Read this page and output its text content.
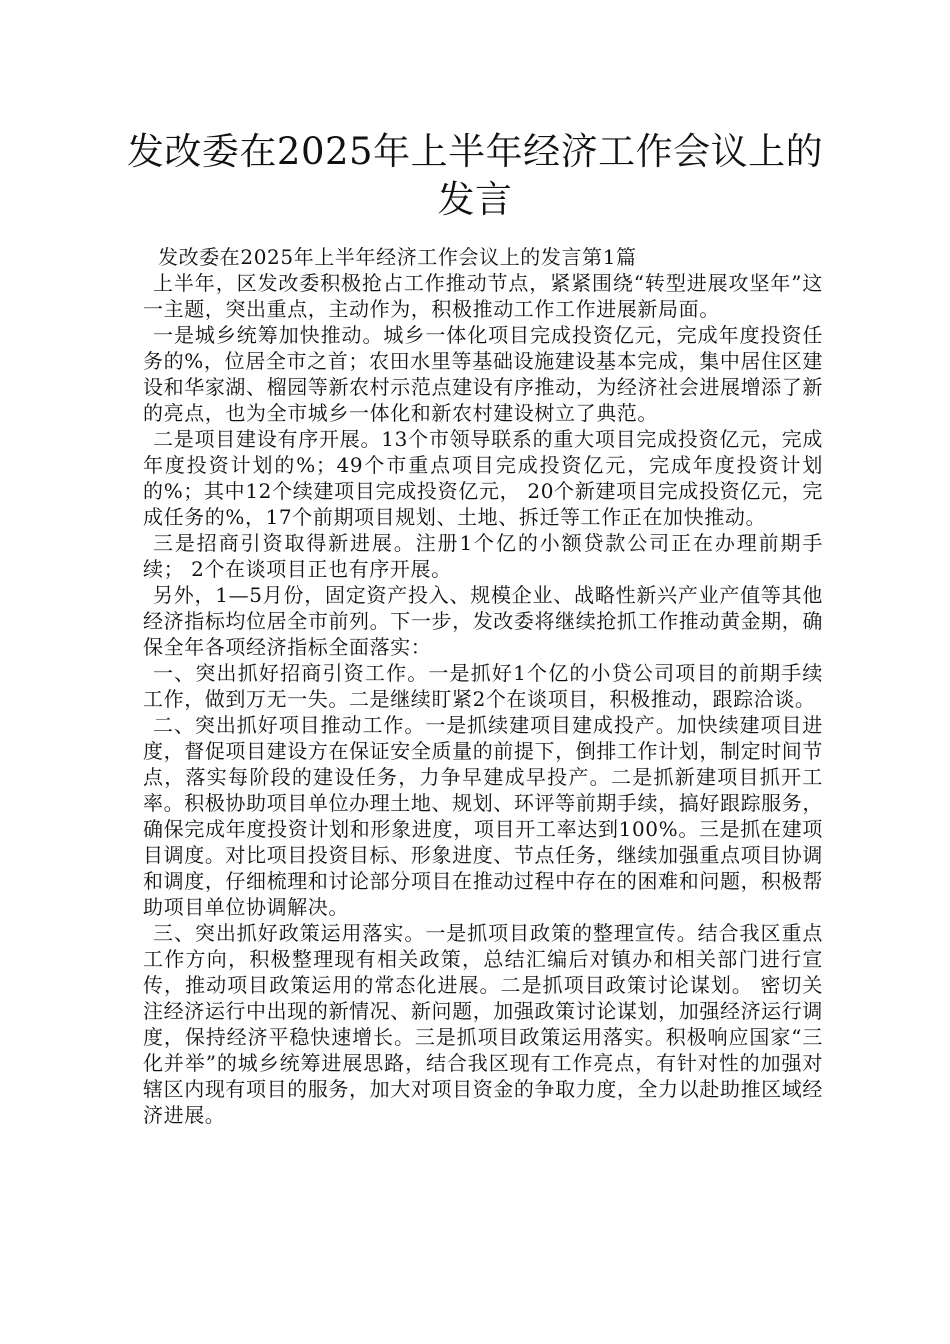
发改委在2025年上半年经济工作会议上的发言

发改委在2025年上半年经济工作会议上的发言第1篇

上半年，区发改委积极抢占工作推动节点，紧紧围绕“转型进展攻坚年”这一主题，突出重点，主动作为，积极推动工作工作进展新局面。

一是城乡统筹加快推动。城乡一体化项目完成投资亿元，完成年度投资任务的%，位居全市之首；农田水里等基础设施建设基本完成，集中居住区建设和华家湖、榴园等新农村示范点建设有序推动，为经济社会进展增添了新的亮点，也为全市城乡一体化和新农村建设树立了典范。

二是项目建设有序开展。13个市领导联系的重大项目完成投资亿元，完成年度投资计划的%；49个市重点项目完成投资亿元，完成年度投资计划的%；其中12个续建项目完成投资亿元， 20个新建项目完成投资亿元，完成任务的%，17个前期项目规划、土地、拆迁等工作正在加快推动。

三是招商引资取得新进展。注册1个亿的小额贷款公司正在办理前期手续； 2个在谈项目正也有序开展。

另外，1—5月份，固定资产投入、规模企业、战略性新兴产业产值等其他经济指标均位居全市前列。下一步，发改委将继续抢抓工作推动黄金期，确保全年各项经济指标全面落实：

一、突出抓好招商引资工作。一是抓好1个亿的小贷公司项目的前期手续工作，做到万无一失。二是继续盯紧2个在谈项目，积极推动，跟踪洽谈。

二、突出抓好项目推动工作。一是抓续建项目建成投产。加快续建项目进度，督促项目建设方在保证安全质量的前提下，倒排工作计划，制定时间节点，落实每阶段的建设任务，力争早建成早投产。二是抓新建项目抓开工率。积极协助项目单位办理土地、规划、环评等前期手续，搞好跟踪服务，确保完成年度投资计划和形象进度，项目开工率达到100%。三是抓在建项目调度。对比项目投资目标、形象进度、节点任务，继续加强重点项目协调和调度，仔细梳理和讨论部分项目在推动过程中存在的困难和问题，积极帮助项目单位协调解决。

三、突出抓好政策运用落实。一是抓项目政策的整理宣传。结合我区重点工作方向，积极整理现有相关政策，总结汇编后对镇办和相关部门进行宣传，推动项目政策运用的常态化进展。二是抓项目政策讨论谋划。 密切关注经济运行中出现的新情况、新问题，加强政策讨论谋划，加强经济运行调度，保持经济平稳快速增长。三是抓项目政策运用落实。积极响应国家“三化并举”的城乡统筹进展思路，结合我区现有工作亮点，有针对性的加强对辖区内现有项目的服务，加大对项目资金的争取力度，全力以赴助推区域经济进展。
